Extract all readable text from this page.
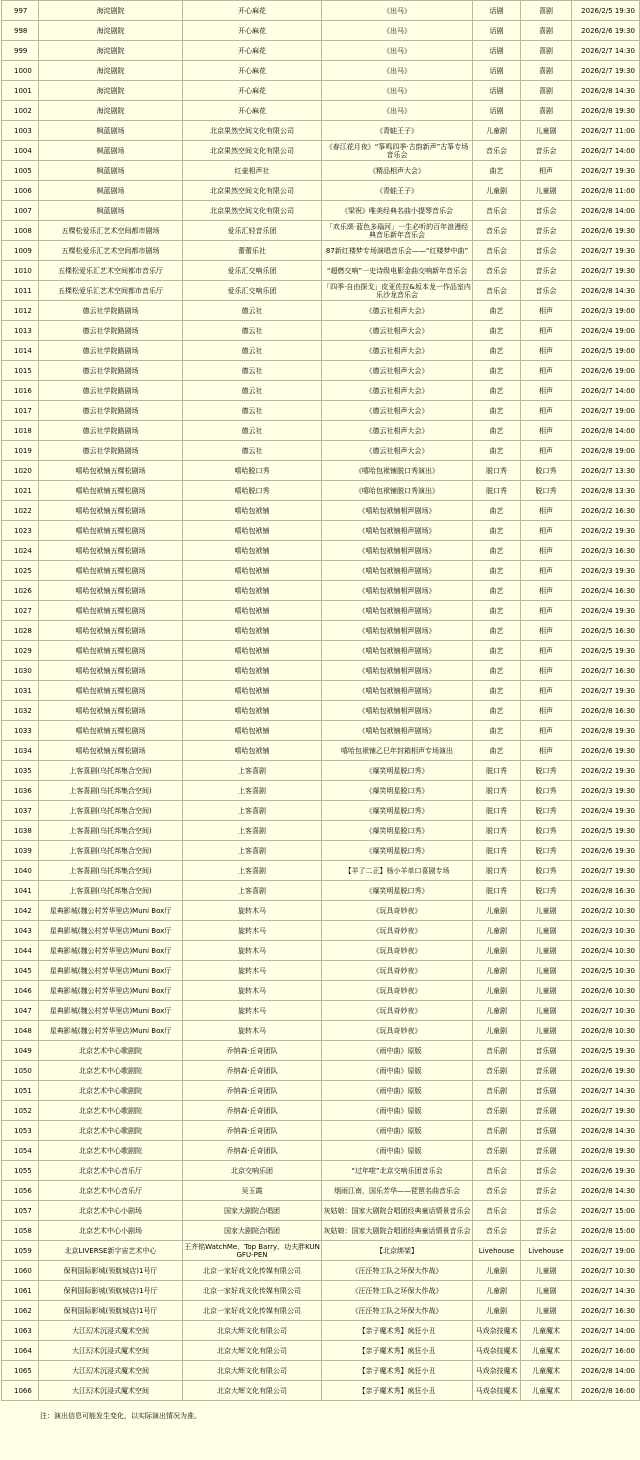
997	海淀剧院	开心麻花	《出马》	话剧	喜剧	2026/2/5 19:30
998	海淀剧院	开心麻花	《出马》	话剧	喜剧	2026/2/6 19:30
999	海淀剧院	开心麻花	《出马》	话剧	喜剧	2026/2/7 14:30
1000	海淀剧院	开心麻花	《出马》	话剧	喜剧	2026/2/7 19:30
1001	海淀剧院	开心麻花	《出马》	话剧	喜剧	2026/2/8 14:30
1002	海淀剧院	开心麻花	《出马》	话剧	喜剧	2026/2/8 19:30
1003	枫蓝剧场	北京果然空间文化有限公司	《青蛙王子》	儿童剧	儿童剧	2026/2/7 11:00
1004	枫蓝剧场	北京果然空间文化有限公司	《春江花月夜》“筝鸣四季·古韵新声”古筝专场音乐会	音乐会	音乐会	2026/2/7 14:00
1005	枫蓝剧场	红壶相声社	《精品相声大会》	曲艺	相声	2026/2/7 19:30
1006	枫蓝剧场	北京果然空间文化有限公司	《青蛙王子》	儿童剧	儿童剧	2026/2/8 11:00
1007	枫蓝剧场	北京果然空间文化有限公司	《梁祝》唯美经典名曲小提琴音乐会	音乐会	音乐会	2026/2/8 14:00
1008	五棵松爱乐汇艺术空间都市剧场	爱乐汇轻音乐团	「欢乐颂·蓝色多瑙河」一生必听的百年浪漫经典音乐新年音乐会	音乐会	音乐会	2026/2/6 19:30
1009	五棵松爱乐汇艺术空间都市剧场	蕾蕾乐社	87新红楼梦专场演唱音乐会——“红楼梦中曲”	音乐会	音乐会	2026/2/7 19:30
1010	五棵松爱乐汇艺术空间都市音乐厅	爱乐汇交响乐团	“超燃交响”一史诗级电影金曲交响新年音乐会	音乐会	音乐会	2026/2/7 19:30
1011	五棵松爱乐汇艺术空间都市音乐厅	爱乐汇交响乐团	「四季·自由探戈」皮亚佐拉&坂本龙一作品室内乐沙龙音乐会	音乐会	音乐会	2026/2/8 14:30
1012	德云社学院路剧场	德云社	《德云社相声大会》	曲艺	相声	2026/2/3 19:00
1013	德云社学院路剧场	德云社	《德云社相声大会》	曲艺	相声	2026/2/4 19:00
1014	德云社学院路剧场	德云社	《德云社相声大会》	曲艺	相声	2026/2/5 19:00
1015	德云社学院路剧场	德云社	《德云社相声大会》	曲艺	相声	2026/2/6 19:00
1016	德云社学院路剧场	德云社	《德云社相声大会》	曲艺	相声	2026/2/7 14:00
1017	德云社学院路剧场	德云社	《德云社相声大会》	曲艺	相声	2026/2/7 19:00
1018	德云社学院路剧场	德云社	《德云社相声大会》	曲艺	相声	2026/2/8 14:00
1019	德云社学院路剧场	德云社	《德云社相声大会》	曲艺	相声	2026/2/8 19:00
1020	嘻哈包袱铺五棵松剧场	嘻哈脱口秀	《嘻哈包袱铺脱口秀演出》	脱口秀	脱口秀	2026/2/7 13:30
1021	嘻哈包袱铺五棵松剧场	嘻哈脱口秀	《嘻哈包袱铺脱口秀演出》	脱口秀	脱口秀	2026/2/8 13:30
1022	嘻哈包袱铺五棵松剧场	嘻哈包袱铺	《嘻哈包袱铺相声剧场》	曲艺	相声	2026/2/2 16:30
1023	嘻哈包袱铺五棵松剧场	嘻哈包袱铺	《嘻哈包袱铺相声剧场》	曲艺	相声	2026/2/2 19:30
1024	嘻哈包袱铺五棵松剧场	嘻哈包袱铺	《嘻哈包袱铺相声剧场》	曲艺	相声	2026/2/3 16:30
1025	嘻哈包袱铺五棵松剧场	嘻哈包袱铺	《嘻哈包袱铺相声剧场》	曲艺	相声	2026/2/3 19:30
1026	嘻哈包袱铺五棵松剧场	嘻哈包袱铺	《嘻哈包袱铺相声剧场》	曲艺	相声	2026/2/4 16:30
1027	嘻哈包袱铺五棵松剧场	嘻哈包袱铺	《嘻哈包袱铺相声剧场》	曲艺	相声	2026/2/4 19:30
1028	嘻哈包袱铺五棵松剧场	嘻哈包袱铺	《嘻哈包袱铺相声剧场》	曲艺	相声	2026/2/5 16:30
1029	嘻哈包袱铺五棵松剧场	嘻哈包袱铺	《嘻哈包袱铺相声剧场》	曲艺	相声	2026/2/5 19:30
1030	嘻哈包袱铺五棵松剧场	嘻哈包袱铺	《嘻哈包袱铺相声剧场》	曲艺	相声	2026/2/7 16:30
1031	嘻哈包袱铺五棵松剧场	嘻哈包袱铺	《嘻哈包袱铺相声剧场》	曲艺	相声	2026/2/7 19:30
1032	嘻哈包袱铺五棵松剧场	嘻哈包袱铺	《嘻哈包袱铺相声剧场》	曲艺	相声	2026/2/8 16:30
1033	嘻哈包袱铺五棵松剧场	嘻哈包袱铺	《嘻哈包袱铺相声剧场》	曲艺	相声	2026/2/8 19:30
1034	嘻哈包袱铺五棵松剧场	嘻哈包袱铺	嘻哈包袱铺乙巳年封箱相声专场演出	曲艺	相声	2026/2/6 19:30
1035	上客喜剧(乌托邦集合空间)	上客喜剧	《爆笑明星脱口秀》	脱口秀	脱口秀	2026/2/2 19:30
1036	上客喜剧(乌托邦集合空间)	上客喜剧	《爆笑明星脱口秀》	脱口秀	脱口秀	2026/2/3 19:30
1037	上客喜剧(乌托邦集合空间)	上客喜剧	《爆笑明星脱口秀》	脱口秀	脱口秀	2026/2/4 19:30
1038	上客喜剧(乌托邦集合空间)	上客喜剧	《爆笑明星脱口秀》	脱口秀	脱口秀	2026/2/5 19:30
1039	上客喜剧(乌托邦集合空间)	上客喜剧	《爆笑明星脱口秀》	脱口秀	脱口秀	2026/2/6 19:30
1040	上客喜剧(乌托邦集合空间)	上客喜剧	【羊了二正】杨小羊单口喜剧专场	脱口秀	脱口秀	2026/2/7 19:30
1041	上客喜剧(乌托邦集合空间)	上客喜剧	《爆笑明星脱口秀》	脱口秀	脱口秀	2026/2/8 16:30
1042	星典影城(魏公村芳华里店)Muni Box厅	旋转木马	《玩具奇妙夜》	儿童剧	儿童剧	2026/2/2 10:30
1043	星典影城(魏公村芳华里店)Muni Box厅	旋转木马	《玩具奇妙夜》	儿童剧	儿童剧	2026/2/3 10:30
1044	星典影城(魏公村芳华里店)Muni Box厅	旋转木马	《玩具奇妙夜》	儿童剧	儿童剧	2026/2/4 10:30
1045	星典影城(魏公村芳华里店)Muni Box厅	旋转木马	《玩具奇妙夜》	儿童剧	儿童剧	2026/2/5 10:30
1046	星典影城(魏公村芳华里店)Muni Box厅	旋转木马	《玩具奇妙夜》	儿童剧	儿童剧	2026/2/6 10:30
1047	星典影城(魏公村芳华里店)Muni Box厅	旋转木马	《玩具奇妙夜》	儿童剧	儿童剧	2026/2/7 10:30
1048	星典影城(魏公村芳华里店)Muni Box厅	旋转木马	《玩具奇妙夜》	儿童剧	儿童剧	2026/2/8 10:30
1049	北京艺术中心歌剧院	乔纳森·丘奇团队	《雨中曲》原版	音乐剧	音乐剧	2026/2/5 19:30
1050	北京艺术中心歌剧院	乔纳森·丘奇团队	《雨中曲》原版	音乐剧	音乐剧	2026/2/6 19:30
1051	北京艺术中心歌剧院	乔纳森·丘奇团队	《雨中曲》原版	音乐剧	音乐剧	2026/2/7 14:30
1052	北京艺术中心歌剧院	乔纳森·丘奇团队	《雨中曲》原版	音乐剧	音乐剧	2026/2/7 19:30
1053	北京艺术中心歌剧院	乔纳森·丘奇团队	《雨中曲》原版	音乐剧	音乐剧	2026/2/8 14:30
1054	北京艺术中心歌剧院	乔纳森·丘奇团队	《雨中曲》原版	音乐剧	音乐剧	2026/2/8 19:30
1055	北京艺术中心音乐厅	北京交响乐团	“过年啦”北京交响乐团音乐会	音乐会	音乐会	2026/2/6 19:30
1056	北京艺术中心音乐厅	吴玉霞	烟雨江南，国乐芳华——琵琶名曲音乐会	音乐会	音乐会	2026/2/8 14:30
1057	北京艺术中心小剧场	国家大剧院合唱团	灰姑娘：国家大剧院合唱团经典童话情景音乐会	音乐会	音乐会	2026/2/7 15:00
1058	北京艺术中心小剧场	国家大剧院合唱团	灰姑娘：国家大剧院合唱团经典童话情景音乐会	音乐会	音乐会	2026/2/8 15:00
1059	北京LIVERSE新宇宙艺术中心	王齐铭WatchMe、Top Barry、功夫胖KUNGFU-PEN	【北京绑架】	Livehouse	Livehouse	2026/2/7 19:00
1060	保利国际影城(领航城店)1号厅	北京一家好戏文化传媒有限公司	《汪汪特工队之环保大作战》	儿童剧	儿童剧	2026/2/7 10:30
1061	保利国际影城(领航城店)1号厅	北京一家好戏文化传媒有限公司	《汪汪特工队之环保大作战》	儿童剧	儿童剧	2026/2/7 14:30
1062	保利国际影城(领航城店)1号厅	北京一家好戏文化传媒有限公司	《汪汪特工队之环保大作战》	儿童剧	儿童剧	2026/2/7 16:30
1063	大江幻术沉浸式魔术空间	北京大辉文化有限公司	【亲子魔术秀】疯狂小丑	马戏杂技魔术	儿童魔术	2026/2/7 14:00
1064	大江幻术沉浸式魔术空间	北京大辉文化有限公司	【亲子魔术秀】疯狂小丑	马戏杂技魔术	儿童魔术	2026/2/7 16:00
1065	大江幻术沉浸式魔术空间	北京大辉文化有限公司	【亲子魔术秀】疯狂小丑	马戏杂技魔术	儿童魔术	2026/2/8 14:00
1066	大江幻术沉浸式魔术空间	北京大辉文化有限公司	【亲子魔术秀】疯狂小丑	马戏杂技魔术	儿童魔术	2026/2/8 16:00
注：演出信息可能发生变化，以实际演出情况为准。
